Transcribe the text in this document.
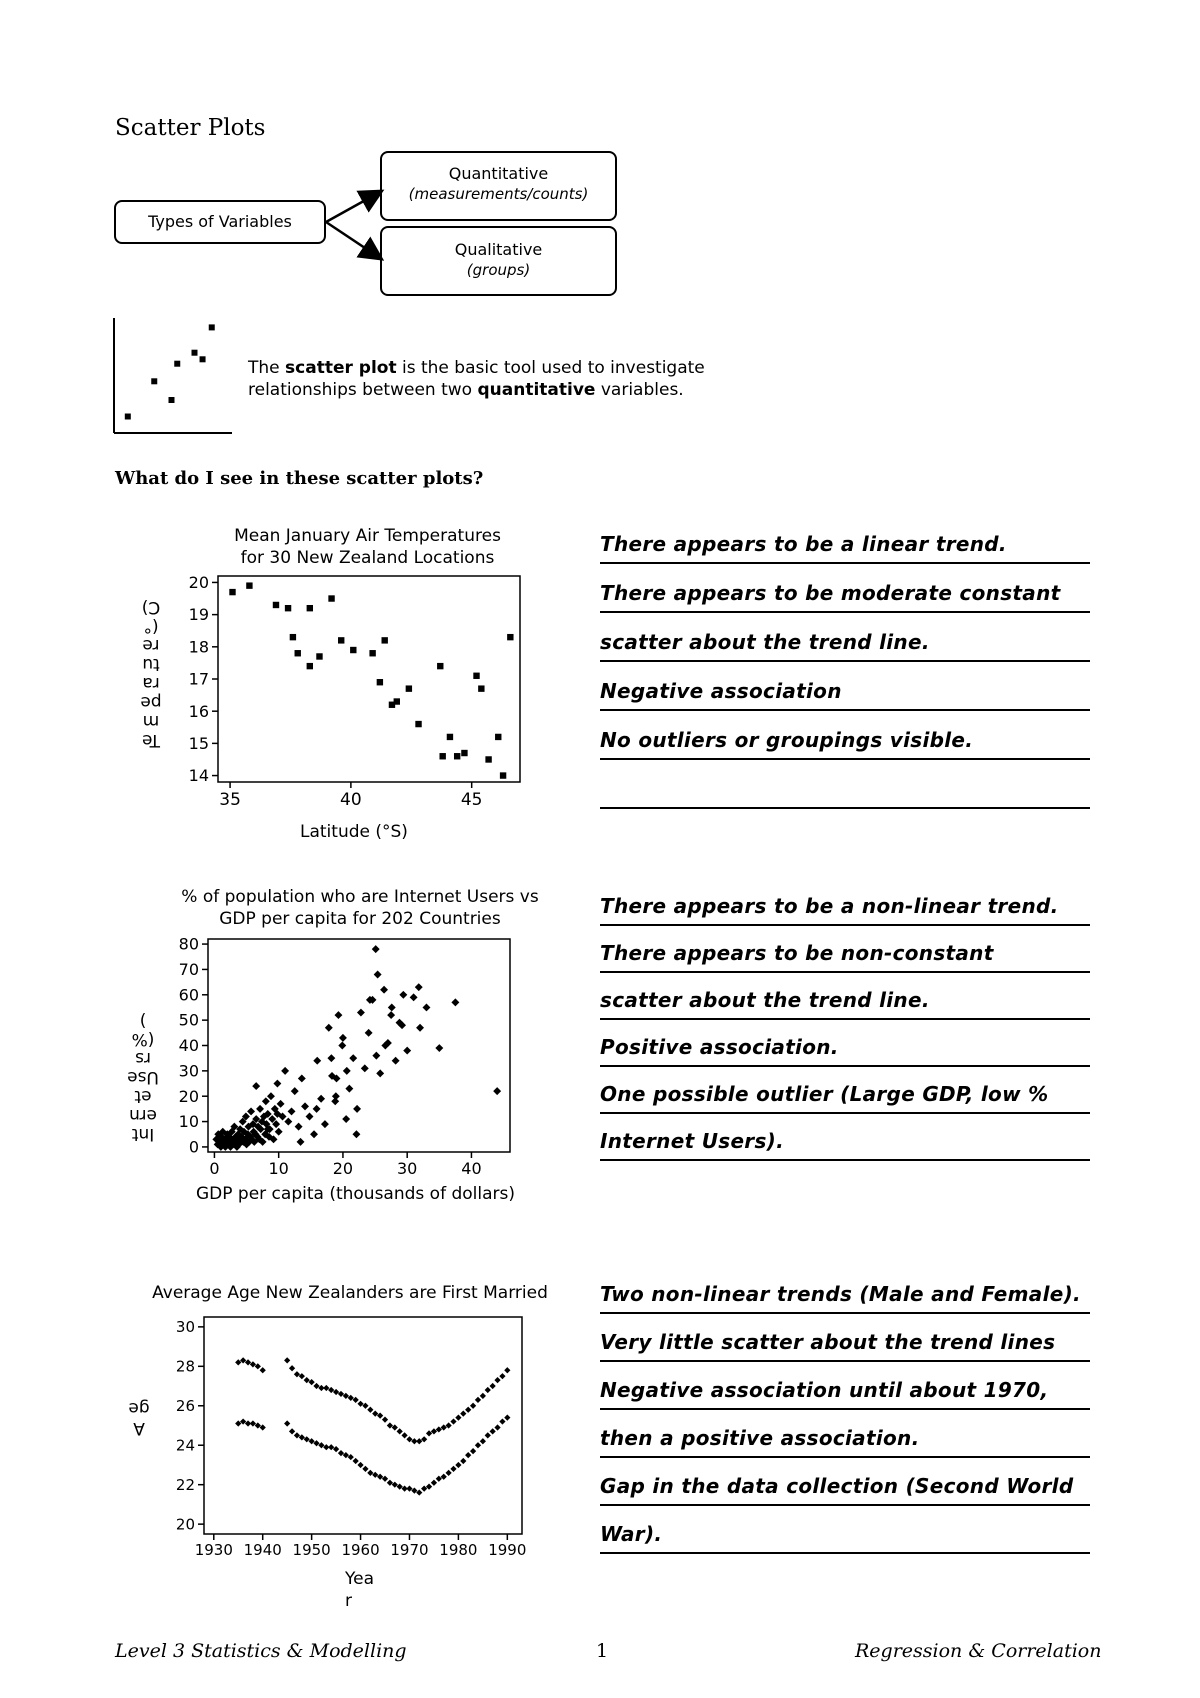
Scatter Plots
Types of Variables
Quantitative
(measurements/counts)
Qualitative
(groups)
The scatter plot is the basic tool used to investigate
relationships between two quantitative variables.
What do I see in these scatter plots?
Mean January Air Temperatures
for 30 New Zealand Locations
35	40	45
14
15
16
17
18
19
20
Te
m
pe
ra
tu
re
(°
C)
Latitude (°S)
% of population who are Internet Users vs
GDP per capita for 202 Countries
0	10	20	30	40
0
10
20
30
40
50
60
70
80
Int
ern
et
Use
rs
(%
)
GDP per capita (thousands of dollars)
Average Age New Zealanders are First Married
1930 1940 1950 1960 1970 1980 1990
20
22
24
26
28
30
A
ge
Yea
r
There appears to be a linear trend.
There appears to be moderate constant
scatter about the trend line.
Negative association
No outliers or groupings visible.
There appears to be a non-linear trend.
There appears to be non-constant
scatter about the trend line.
Positive association.
One possible outlier (Large GDP, low %
Internet Users).
Two non-linear trends (Male and Female).
Very little scatter about the trend lines
Negative association until about 1970,
then a positive association.
Gap in the data collection (Second World
War).
Level 3 Statistics & Modelling	1	Regression & Correlation
